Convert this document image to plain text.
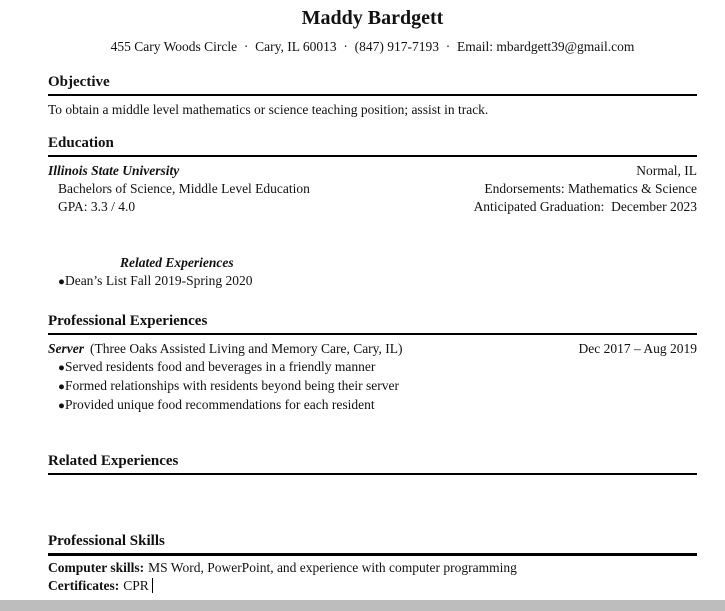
Maddy Bardgett
455 Cary Woods Circle  ·  Cary, IL 60013  ·  (847) 917-7193  ·  Email: mbardgett39@gmail.com
Objective

To obtain a middle level mathematics or science teaching position; assist in track.

Education
Illinois State University	Normal, IL
Bachelors of Science, Middle Level Education	Endorsements: Mathematics & Science
GPA: 3.3 / 4.0	Anticipated Graduation:  December 2023
Related Experiences
● Dean’s List Fall 2019-Spring 2020
Professional Experiences
Server (Three Oaks Assisted Living and Memory Care, Cary, IL)	Dec 2017 – Aug 2019
● Served residents food and beverages in a friendly manner
● Formed relationships with residents beyond being their server
● Provided unique food recommendations for each resident
Related Experiences
Professional Skills
Computer skills: MS Word, PowerPoint, and experience with computer programming
Certificates: CPR
